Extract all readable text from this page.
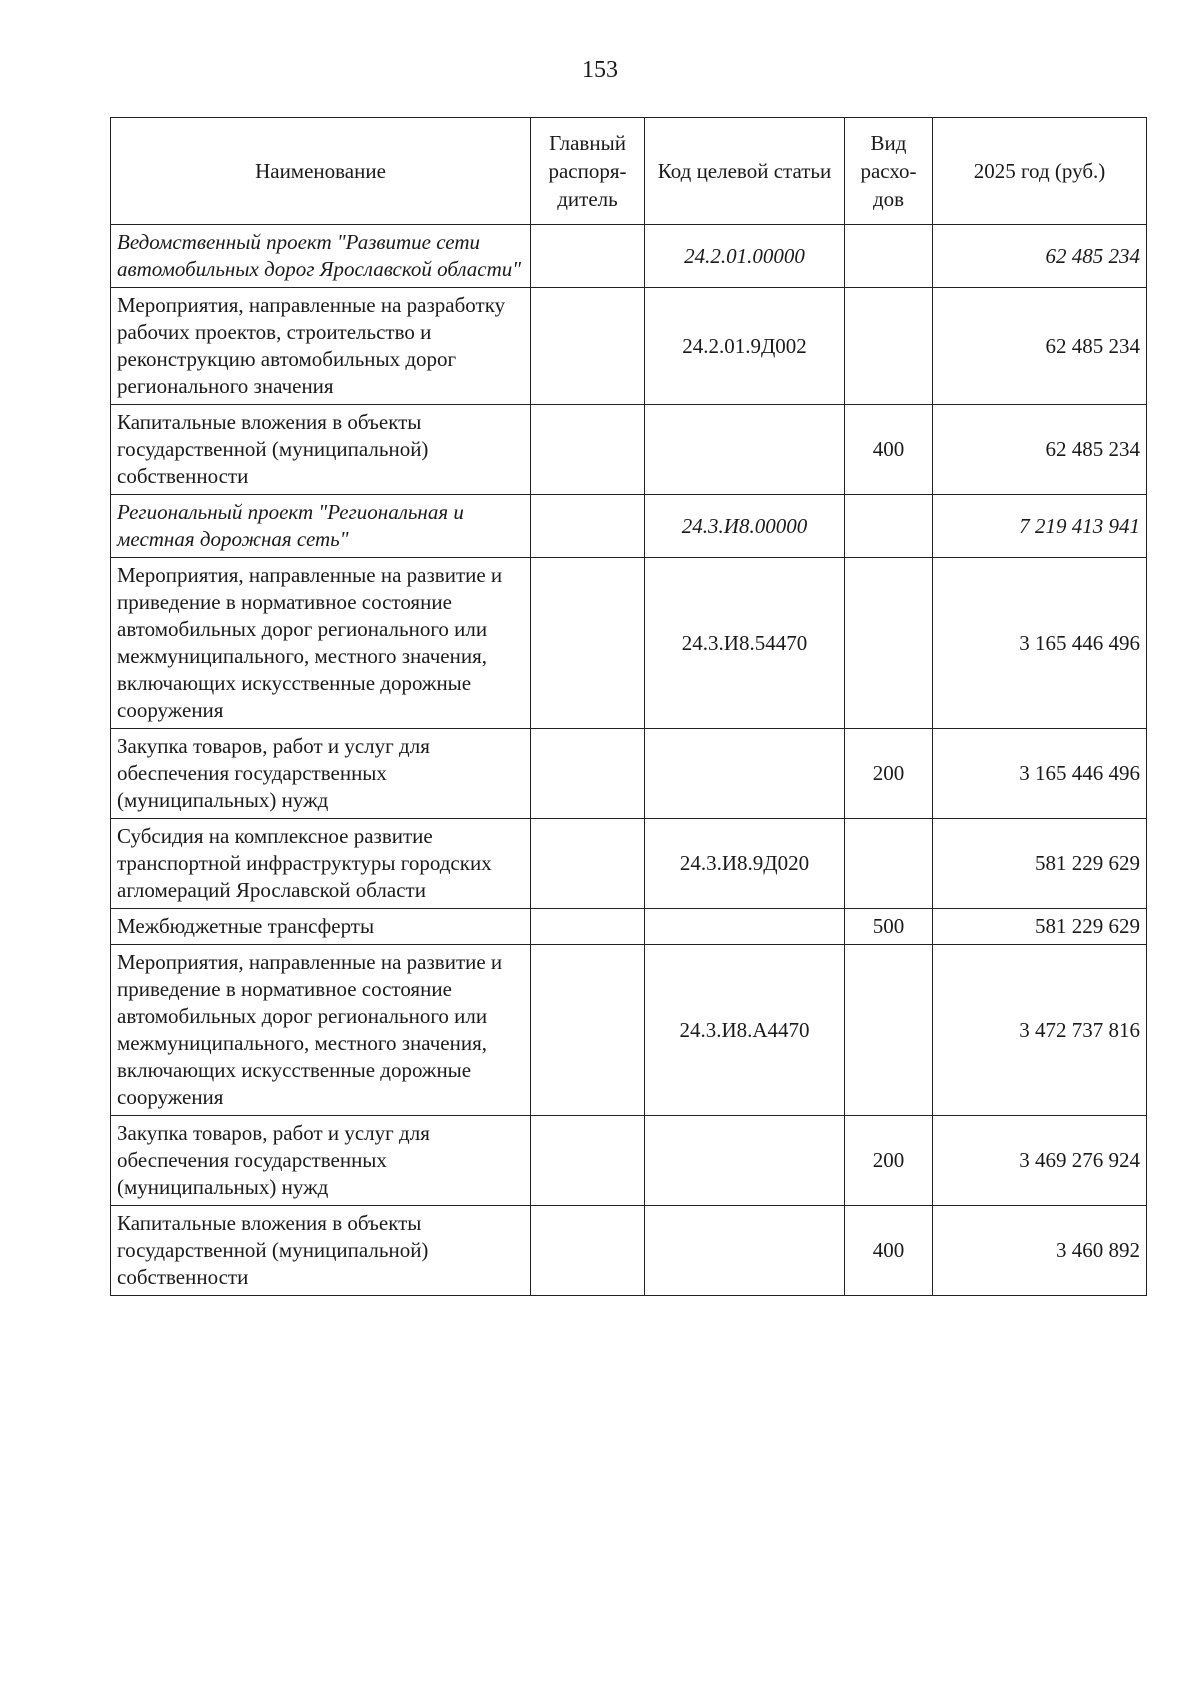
153
Наименование	Главный распоря-дитель	Код целевой статьи	Вид расхо-дов	2025 год (руб.)
Ведомственный проект "Развитие сети автомобильных дорог Ярославской области"		24.2.01.00000		62 485 234
Мероприятия, направленные на разработку рабочих проектов, строительство и реконструкцию автомобильных дорог регионального значения		24.2.01.9Д002		62 485 234
Капитальные вложения в объекты государственной (муниципальной) собственности			400	62 485 234
Региональный проект "Региональная и местная дорожная сеть"		24.3.И8.00000		7 219 413 941
Мероприятия, направленные на развитие и приведение в нормативное состояние автомобильных дорог регионального или межмуниципального, местного значения, включающих искусственные дорожные сооружения		24.3.И8.54470		3 165 446 496
Закупка товаров, работ и услуг для обеспечения государственных (муниципальных) нужд			200	3 165 446 496
Субсидия на комплексное развитие транспортной инфраструктуры городских агломераций Ярославской области		24.3.И8.9Д020		581 229 629
Межбюджетные трансферты			500	581 229 629
Мероприятия, направленные на развитие и приведение в нормативное состояние автомобильных дорог регионального или межмуниципального, местного значения, включающих искусственные дорожные сооружения		24.3.И8.А4470		3 472 737 816
Закупка товаров, работ и услуг для обеспечения государственных (муниципальных) нужд			200	3 469 276 924
Капитальные вложения в объекты государственной (муниципальной) собственности			400	3 460 892
